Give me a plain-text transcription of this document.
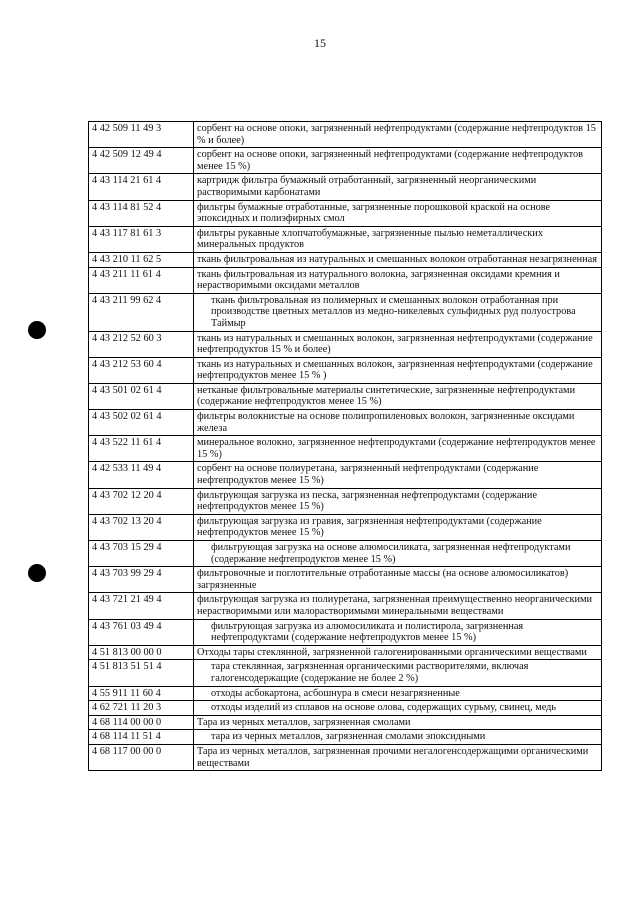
15
4 42 509 11 49 3	сорбент на основе опоки, загрязненный нефтепродуктами (содержание нефтепродуктов 15 % и более)
4 42 509 12 49 4	сорбент на основе опоки, загрязненный нефтепродуктами (содержание нефтепродуктов менее 15 %)
4 43 114 21 61 4	картридж фильтра бумажный отработанный, загрязненный неорганическими растворимыми карбонатами
4 43 114 81 52 4	фильтры бумажные отработанные, загрязненные порошковой краской на основе эпоксидных и полиэфирных смол
4 43 117 81 61 3	фильтры рукавные хлопчатобумажные, загрязненные пылью неметаллических минеральных продуктов
4 43 210 11 62 5	ткань фильтровальная из натуральных и смешанных волокон отработанная незагрязненная
4 43 211 11 61 4	ткань фильтровальная из натурального волокна, загрязненная оксидами кремния и нерастворимыми оксидами металлов
4 43 211 99 62 4	ткань фильтровальная из полимерных и смешанных волокон отработанная при производстве цветных металлов из медно-никелевых сульфидных руд полуострова Таймыр
4 43 212 52 60 3	ткань из натуральных и смешанных волокон, загрязненная нефтепродуктами (содержание нефтепродуктов 15 % и более)
4 43 212 53 60 4	ткань из натуральных и смешанных волокон, загрязненная нефтепродуктами (содержание нефтепродуктов менее 15 % )
4 43 501 02 61 4	нетканые фильтровальные материалы синтетические, загрязненные нефтепродуктами (содержание нефтепродуктов менее 15 %)
4 43 502 02 61 4	фильтры волокнистые на основе полипропиленовых волокон, загрязненные оксидами железа
4 43 522 11 61 4	минеральное волокно, загрязненное нефтепродуктами (содержание нефтепродуктов менее 15 %)
4 42 533 11 49 4	сорбент на основе полиуретана, загрязненный нефтепродуктами (содержание нефтепродуктов менее 15 %)
4 43 702 12 20 4	фильтрующая загрузка из песка, загрязненная нефтепродуктами (содержание нефтепродуктов менее 15 %)
4 43 702 13 20 4	фильтрующая загрузка из гравия, загрязненная нефтепродуктами (содержание нефтепродуктов менее 15 %)
4 43 703 15 29 4	фильтрующая загрузка на основе алюмосиликата, загрязненная нефтепродуктами (содержание нефтепродуктов менее 15 %)
4 43 703 99 29 4	фильтровочные и поглотительные отработанные массы (на основе алюмосиликатов) загрязненные
4 43 721 21 49 4	фильтрующая загрузка из полиуретана, загрязненная преимущественно неорганическими нерастворимыми или малорастворимыми минеральными веществами
4 43 761 03 49 4	фильтрующая загрузка из алюмосиликата и полистирола, загрязненная нефтепродуктами (содержание нефтепродуктов менее 15 %)
4 51 813 00 00 0	Отходы тары стеклянной, загрязненной галогенированными органическими веществами
4 51 813 51 51 4	тара стеклянная, загрязненная органическими растворителями, включая галогенсодержащие (содержание не более 2 %)
4 55 911 11 60 4	отходы асбокартона, асбошнура в смеси незагрязненные
4 62 721 11 20 3	отходы изделий из сплавов на основе олова, содержащих сурьму, свинец, медь
4 68 114 00 00 0	Тара из черных металлов, загрязненная смолами
4 68 114 11 51 4	тара из черных металлов, загрязненная смолами эпоксидными
4 68 117 00 00 0	Тара из черных металлов, загрязненная прочими негалогенсодержащими органическими веществами
